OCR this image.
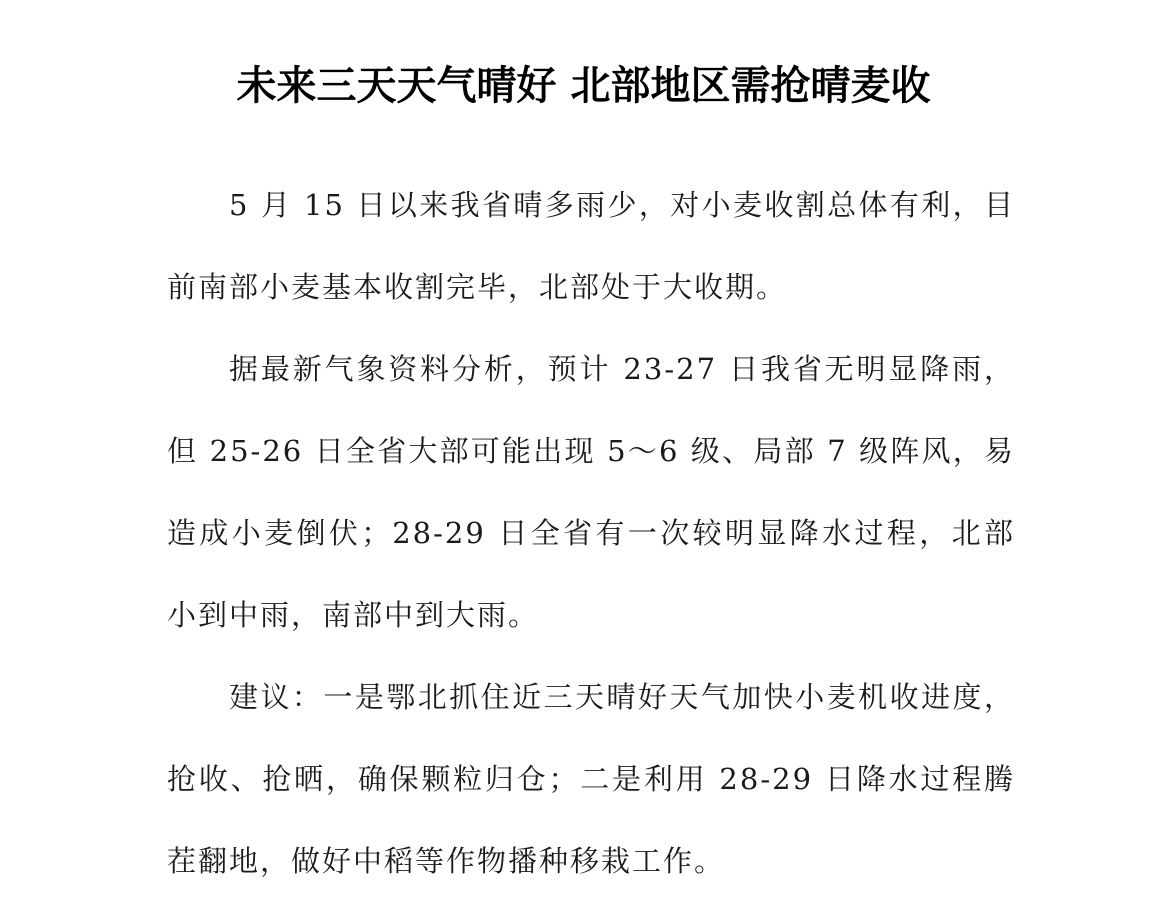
未来三天天气晴好 北部地区需抢晴麦收

5 月 15 日以来我省晴多雨少，对小麦收割总体有利，目前南部小麦基本收割完毕，北部处于大收期。

据最新气象资料分析，预计 23-27 日我省无明显降雨，但 25-26 日全省大部可能出现 5～6 级、局部 7 级阵风，易造成小麦倒伏；28-29 日全省有一次较明显降水过程，北部小到中雨，南部中到大雨。

建议：一是鄂北抓住近三天晴好天气加快小麦机收进度，抢收、抢晒，确保颗粒归仓；二是利用 28-29 日降水过程腾茬翻地，做好中稻等作物播种移栽工作。
